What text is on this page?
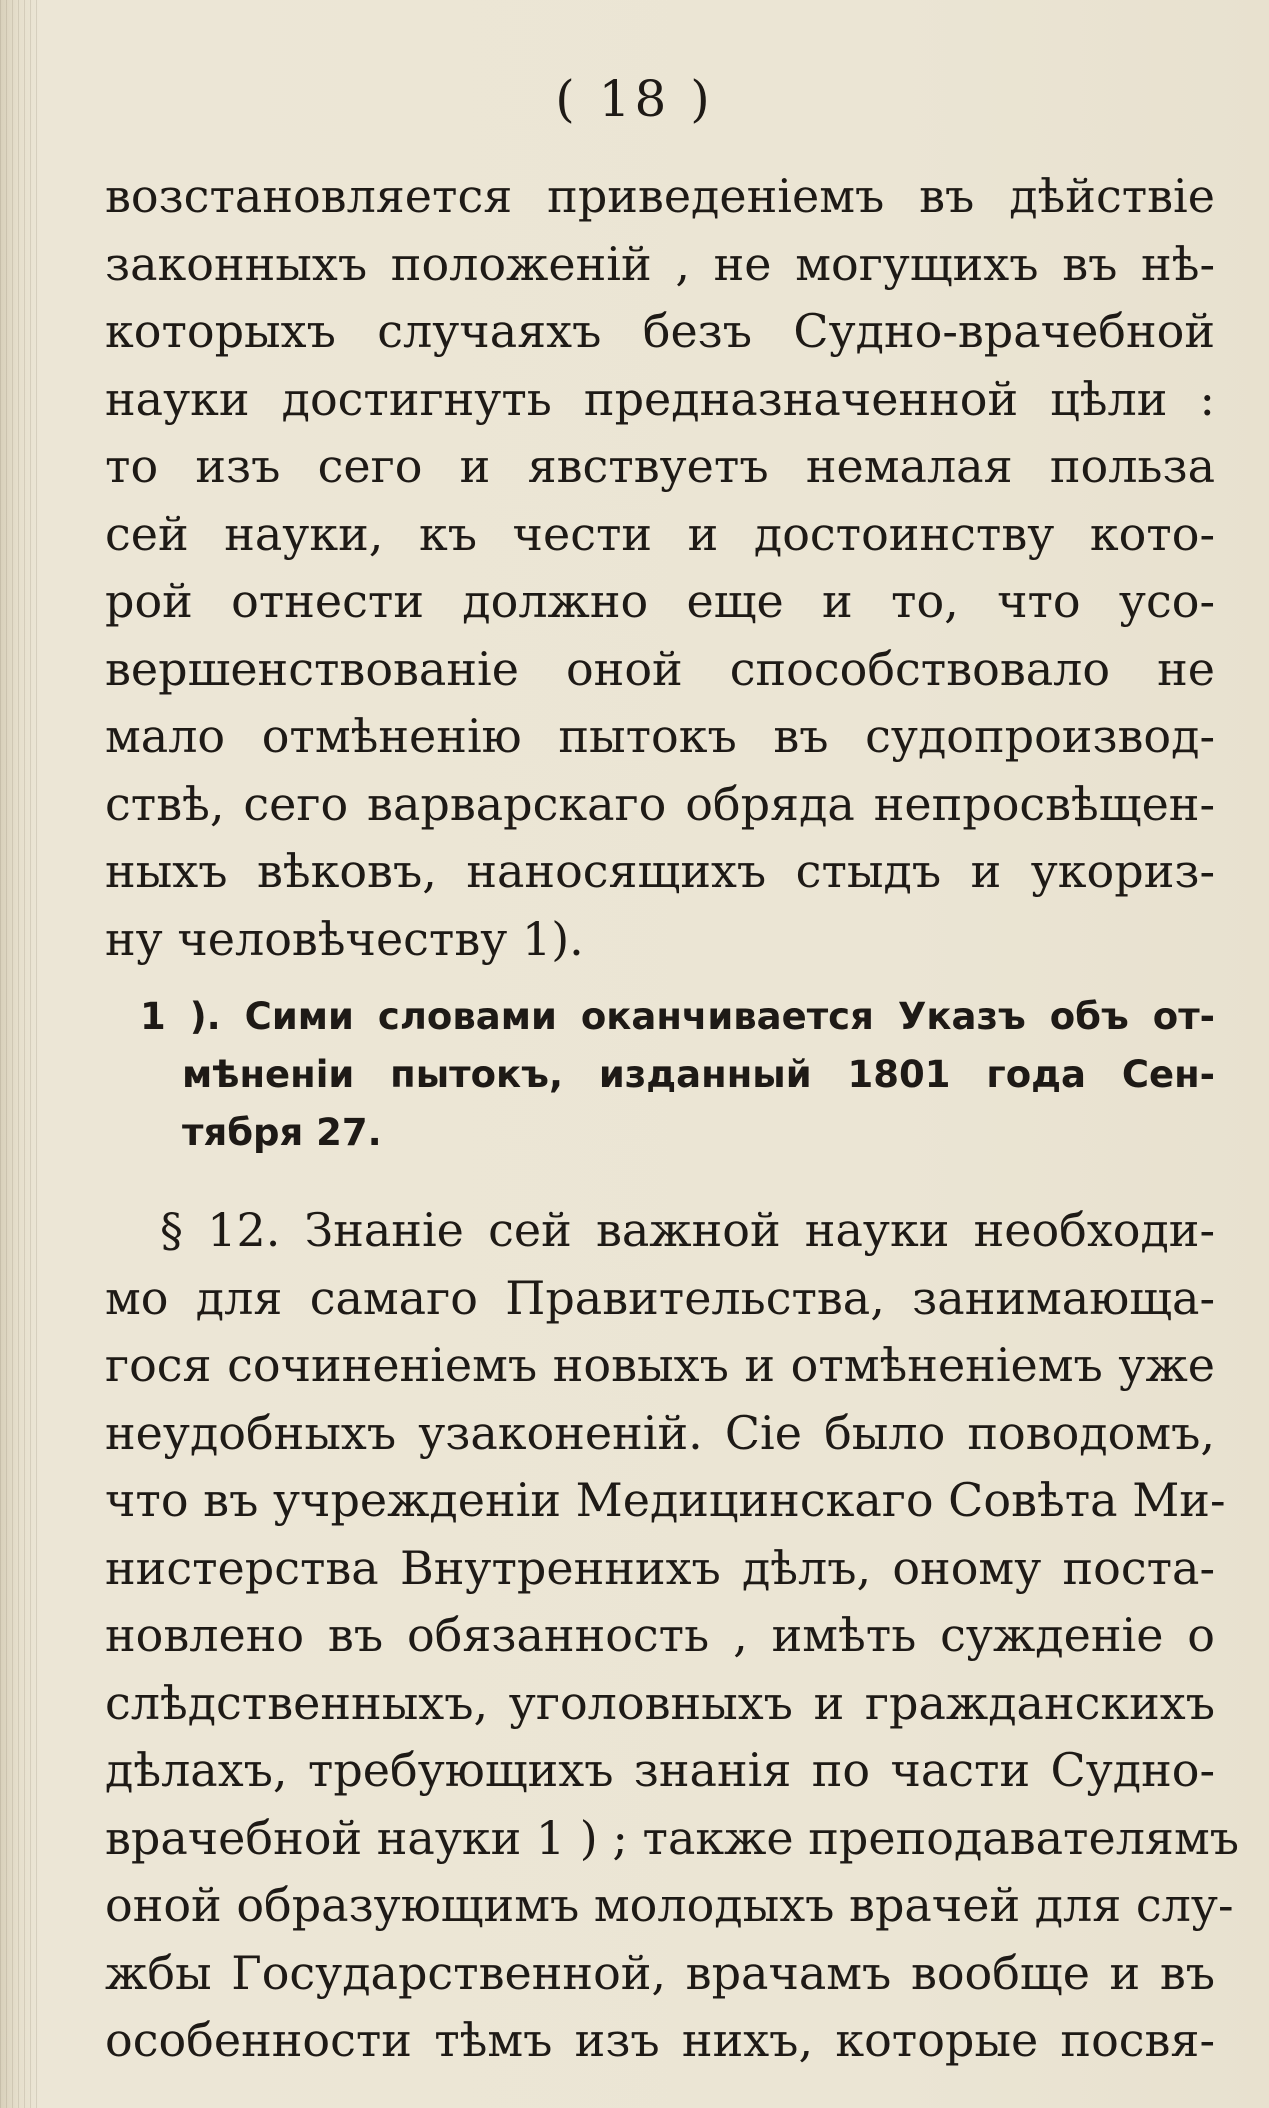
( 18 )
возстановляется приведеніемъ въ дѣйствіе
законныхъ положеній , не могущихъ въ нѣ-
которыхъ случаяхъ безъ Судно-врачебной
науки достигнуть предназначенной цѣли :
то изъ сего и явствуетъ немалая польза
сей науки, къ чести и достоинству кото-
рой отнести должно еще и то, что усо-
вершенствованіе оной способствовало не
мало отмѣненію пытокъ въ судопроизвод-
ствѣ, сего варварскаго обряда непросвѣщен-
ныхъ вѣковъ, наносящихъ стыдъ и укориз-
ну человѣчеству 1).
1 ). Сими словами оканчивается Указъ объ от-
мѣненіи пытокъ, изданный 1801 года Сен-
тября 27.
§ 12. Знаніе сей важной науки необходи-
мо для самаго Правительства, занимающа-
гося сочиненіемъ новыхъ и отмѣненіемъ уже
неудобныхъ узаконеній. Сіе было поводомъ,
что въ учрежденіи Медицинскаго Совѣта Ми-
нистерства Внутреннихъ дѣлъ, оному поста-
новлено въ обязанность , имѣть сужденіе о
слѣдственныхъ, уголовныхъ и гражданскихъ
дѣлахъ, требующихъ знанія по части Судно-
врачебной науки 1 ) ; также преподавателямъ
оной образующимъ молодыхъ врачей для слу-
жбы Государственной, врачамъ вообще и въ
особенности тѣмъ изъ нихъ, которые посвя-
